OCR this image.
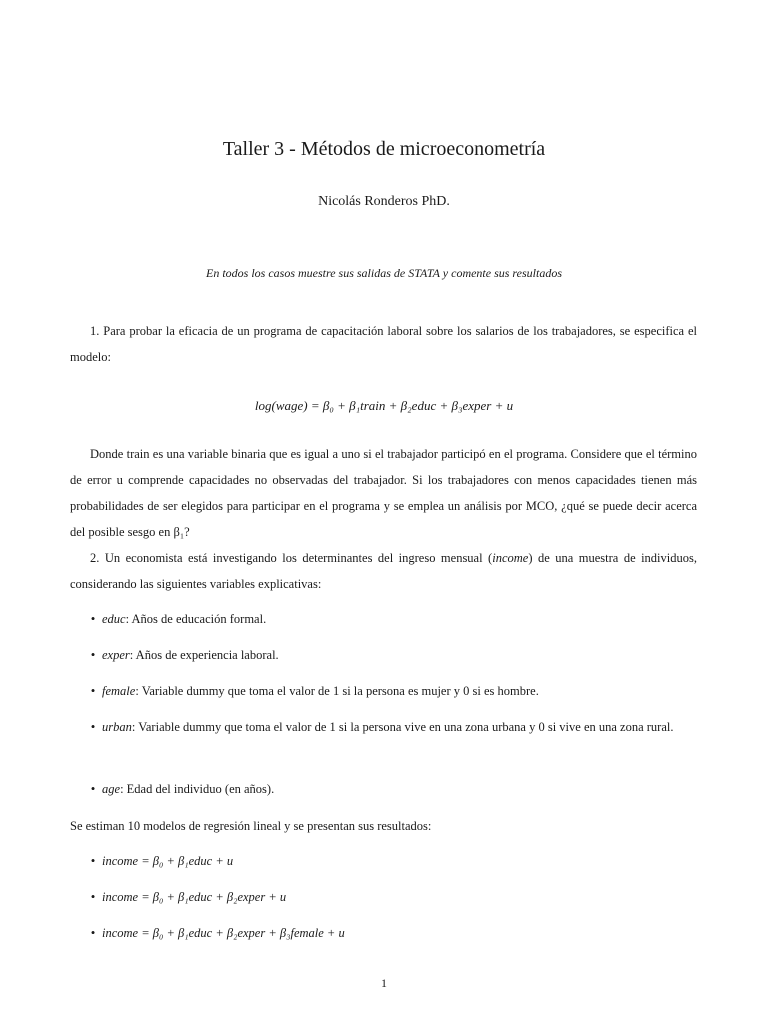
Taller 3 - Métodos de microeconometría
Nicolás Ronderos PhD.
En todos los casos muestre sus salidas de STATA y comente sus resultados
1. Para probar la eficacia de un programa de capacitación laboral sobre los salarios de los trabajadores, se especifica el modelo:
log(wage) = β₀ + β₁train + β₂educ + β₃exper + u
Donde train es una variable binaria que es igual a uno si el trabajador participó en el programa. Considere que el término de error u comprende capacidades no observadas del trabajador. Si los trabajadores con menos capacidades tienen más probabilidades de ser elegidos para participar en el programa y se emplea un análisis por MCO, ¿qué se puede decir acerca del posible sesgo en β₁?
2. Un economista está investigando los determinantes del ingreso mensual (income) de una muestra de individuos, considerando las siguientes variables explicativas:
• educ: Años de educación formal.
• exper: Años de experiencia laboral.
• female: Variable dummy que toma el valor de 1 si la persona es mujer y 0 si es hombre.
• urban: Variable dummy que toma el valor de 1 si la persona vive en una zona urbana y 0 si vive en una zona rural.
• age: Edad del individuo (en años).
Se estiman 10 modelos de regresión lineal y se presentan sus resultados:
• income = β₀ + β₁educ + u
• income = β₀ + β₁educ + β₂exper + u
• income = β₀ + β₁educ + β₂exper + β₃female + u
1
